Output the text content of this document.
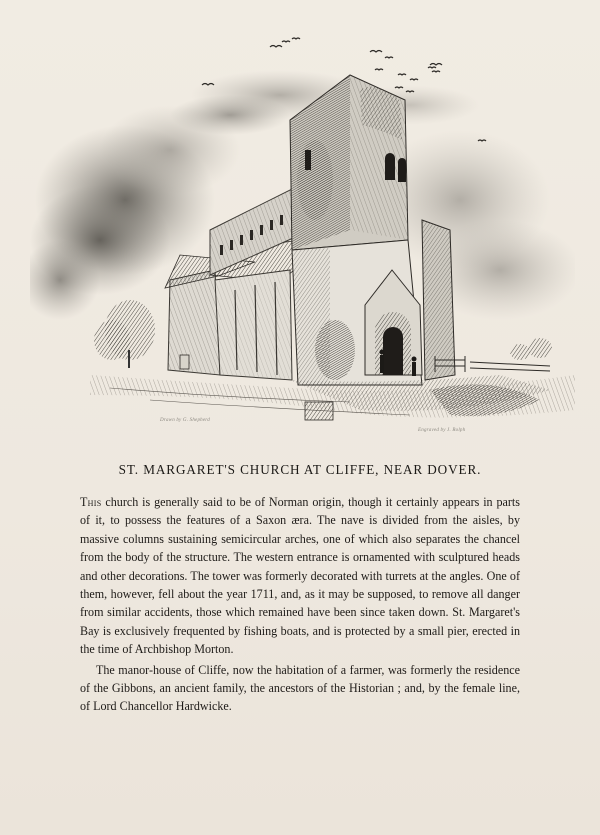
Drawn by G. Shepherd
Engraved by J. Rolph
ST. MARGARET'S CHURCH AT CLIFFE, NEAR DOVER.

This church is generally said to be of Norman origin, though it certainly appears in parts of it, to possess the features of a Saxon æra. The nave is divided from the aisles, by massive columns sustaining semicircular arches, one of which also separates the chancel from the body of the structure. The western entrance is ornamented with sculptured heads and other decorations. The tower was formerly decorated with turrets at the angles. One of them, however, fell about the year 1711, and, as it may be supposed, to remove all danger from similar accidents, those which remained have been since taken down. St. Margaret's Bay is exclusively frequented by fishing boats, and is protected by a small pier, erected in the time of Archbishop Morton.

The manor-house of Cliffe, now the habitation of a farmer, was formerly the residence of the Gibbons, an ancient family, the ancestors of the Historian ; and, by the female line, of Lord Chancellor Hardwicke.
